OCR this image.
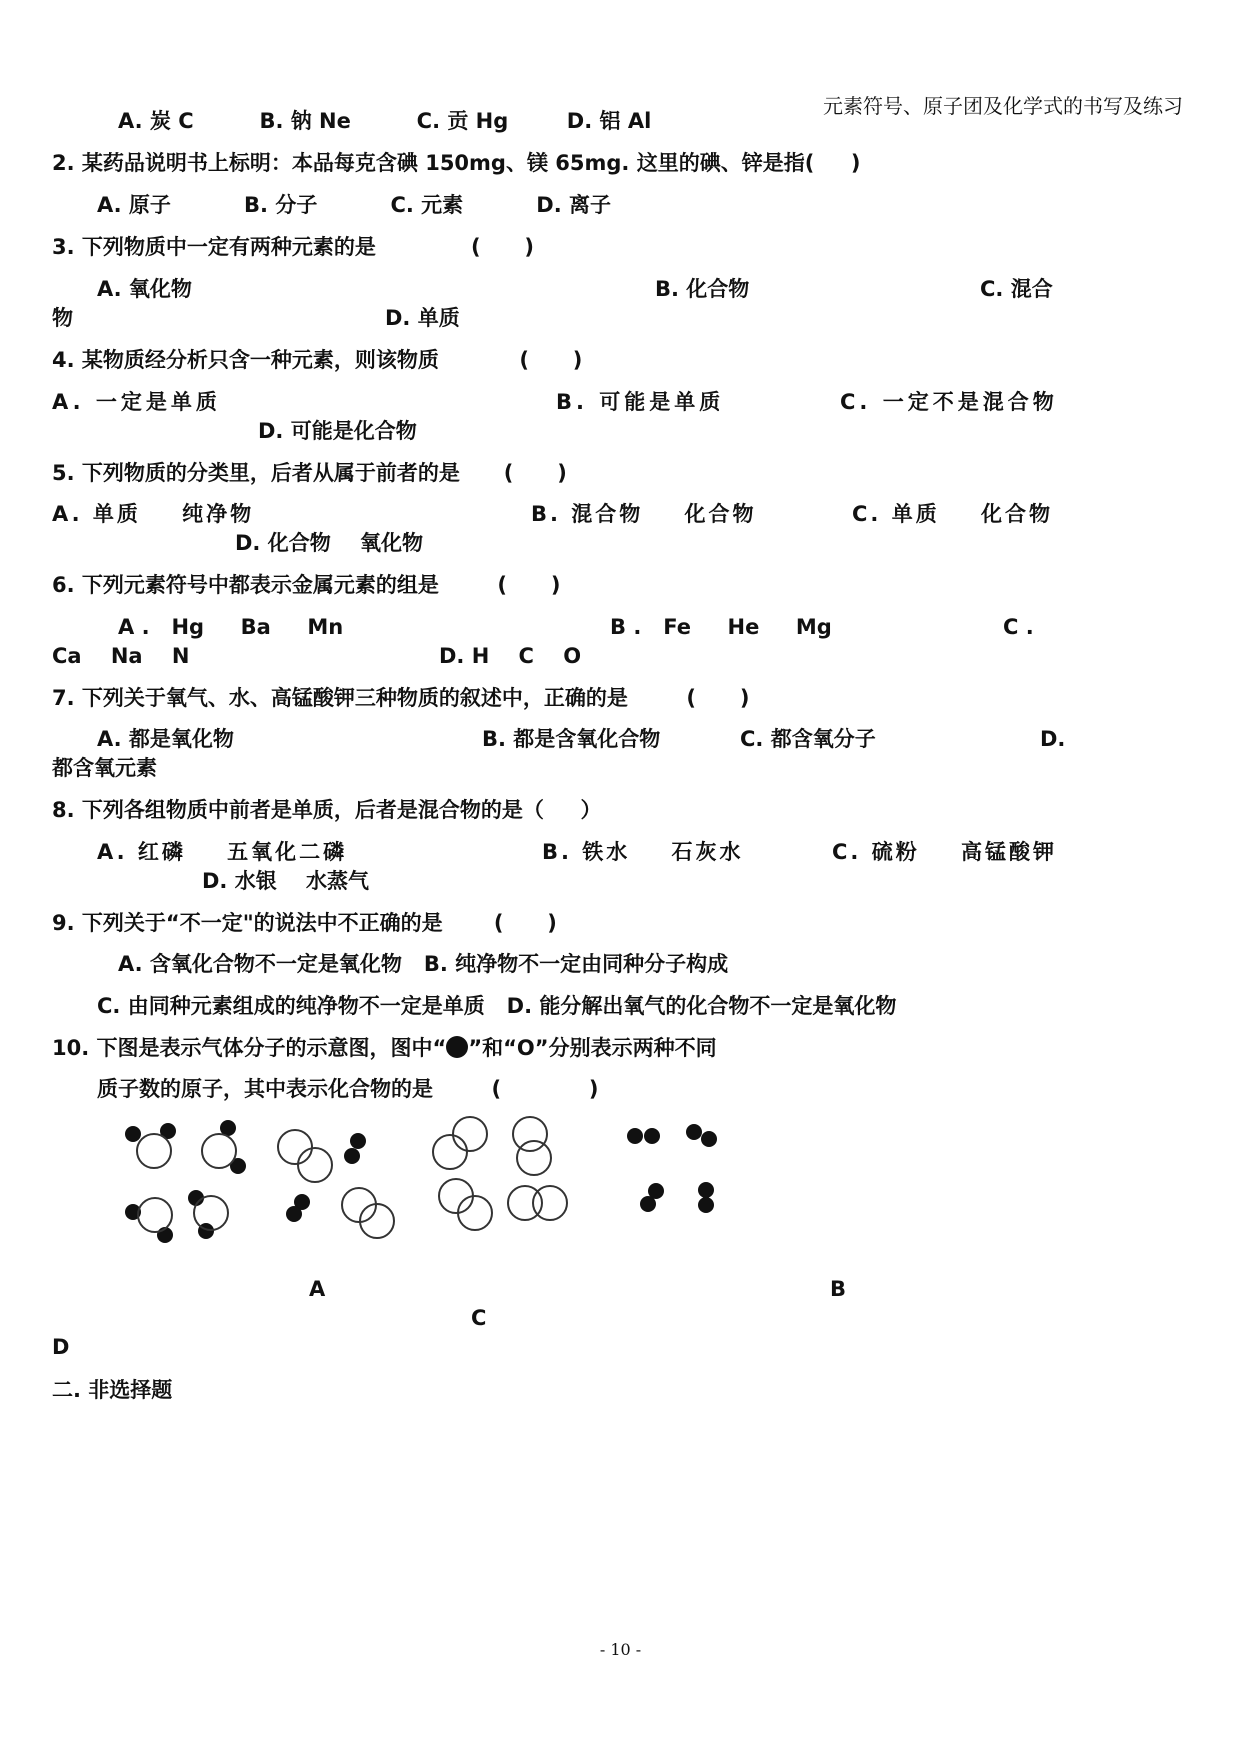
元素符号、原子团及化学式的书写及练习
A. 炭 C         B. 钠 Ne         C. 贡 Hg        D. 铝 Al
2. 某药品说明书上标明：本品每克含碘 150mg、镁 65mg. 这里的碘、锌是指(     )
A. 原子          B. 分子          C. 元素          D. 离子
3. 下列物质中一定有两种元素的是             (      )
A. 氧化物	B. 化合物	C. 混合
物	D. 单质
4. 某物质经分析只含一种元素，则该物质           (      )
A. 一定是单质	B. 可能是单质	C. 一定不是混合物
D. 可能是化合物
5. 下列物质的分类里，后者从属于前者的是      (      )
A. 单质    纯净物	B. 混合物    化合物	C. 单质    化合物
D. 化合物    氧化物
6. 下列元素符号中都表示金属元素的组是        (      )
A .   Hg     Ba     Mn	B .   Fe     He     Mg	C .
Ca    Na    N	D. H    C    O
7. 下列关于氧气、水、高锰酸钾三种物质的叙述中，正确的是        (      )
A. 都是氧化物	B. 都是含氧化合物	C. 都含氧分子	D.
都含氧元素
8. 下列各组物质中前者是单质，后者是混合物的是（     ）
A. 红磷    五氧化二磷	B. 铁水    石灰水	C. 硫粉    高锰酸钾
D. 水银    水蒸气
9. 下列关于“不一定"的说法中不正确的是       (      )
A. 含氧化合物不一定是氧化物   B. 纯净物不一定由同种分子构成
C. 由同种元素组成的纯净物不一定是单质   D. 能分解出氧气的化合物不一定是氧化物
10. 下图是表示气体分子的示意图，图中“ ”和“O”分别表示两种不同
质子数的原子，其中表示化合物的是        (            )
A	B
C
D
二. 非选择题
- 10 -
